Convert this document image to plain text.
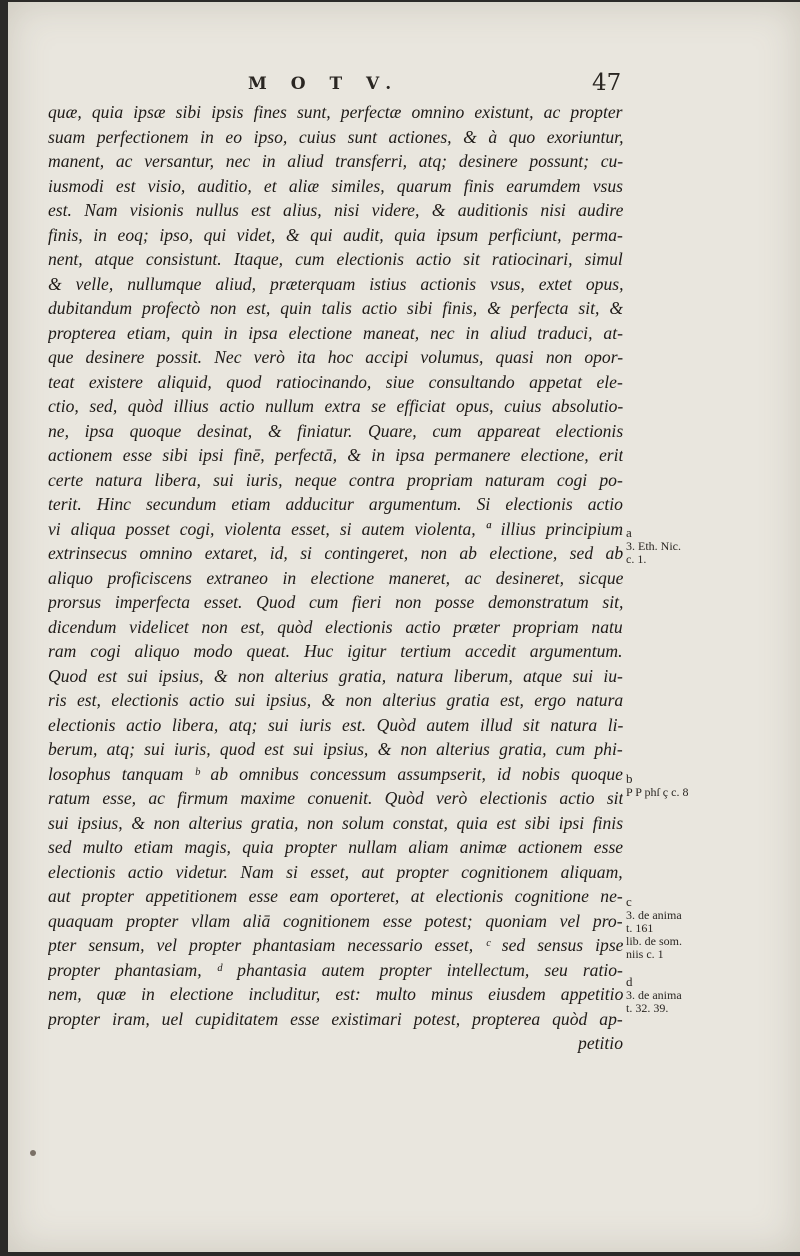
M O T V.	47
quæ, quia ipsæ sibi ipsis fines sunt, perfectæ omnino existunt, ac propter
suam perfectionem in eo ipso, cuius sunt actiones, & à quo exoriuntur,
manent, ac versantur, nec in aliud transferri, atq; desinere possunt; cu-
iusmodi est visio, auditio, et aliæ similes, quarum finis earumdem vsus
est. Nam visionis nullus est alius, nisi videre, & auditionis nisi audire
finis, in eoq; ipso, qui videt, & qui audit, quia ipsum perficiunt, perma-
nent, atque consistunt. Itaque, cum electionis actio sit ratiocinari, simul
& velle, nullumque aliud, præterquam istius actionis vsus, extet opus,
dubitandum profectò non est, quin talis actio sibi finis, & perfecta sit, &
propterea etiam, quin in ipsa electione maneat, nec in aliud traduci, at-
que desinere possit. Nec verò ita hoc accipi volumus, quasi non opor-
teat existere aliquid, quod ratiocinando, siue consultando appetat ele-
ctio, sed, quòd illius actio nullum extra se efficiat opus, cuius absolutio-
ne, ipsa quoque desinat, & finiatur. Quare, cum appareat electionis
actionem esse sibi ipsi finē, perfectā, & in ipsa permanere electione, erit
certe natura libera, sui iuris, neque contra propriam naturam cogi po-
terit. Hinc secundum etiam adducitur argumentum. Si electionis actio
vi aliqua posset cogi, violenta esset, si autem violenta, ª illius principium
extrinsecus omnino extaret, id, si contingeret, non ab electione, sed ab
aliquo proficiscens extraneo in electione maneret, ac desineret, sicque
prorsus imperfecta esset. Quod cum fieri non posse demonstratum sit,
dicendum videlicet non est, quòd electionis actio præter propriam natu
ram cogi aliquo modo queat. Huc igitur tertium accedit argumentum.
Quod est sui ipsius, & non alterius gratia, natura liberum, atque sui iu-
ris est, electionis actio sui ipsius, & non alterius gratia est, ergo natura
electionis actio libera, atq; sui iuris est. Quòd autem illud sit natura li-
berum, atq; sui iuris, quod est sui ipsius, & non alterius gratia, cum phi-
losophus tanquam ᵇ ab omnibus concessum assumpserit, id nobis quoque
ratum esse, ac firmum maxime conuenit. Quòd verò electionis actio sit
sui ipsius, & non alterius gratia, non solum constat, quia est sibi ipsi finis
sed multo etiam magis, quia propter nullam aliam animæ actionem esse
electionis actio videtur. Nam si esset, aut propter cognitionem aliquam,
aut propter appetitionem esse eam oporteret, at electionis cognitione ne-
quaquam propter vllam aliā cognitionem esse potest; quoniam vel pro-
pter sensum, vel propter phantasiam necessario esset, ᶜ sed sensus ipse
propter phantasiam, ᵈ phantasia autem propter intellectum, seu ratio-
nem, quæ in electione includitur, est: multo minus eiusdem appetitio
propter iram, uel cupiditatem esse existimari potest, propterea quòd ap-
petitio
a
3. Eth. Nic.
c. 1.
b
P P phſ ç c. 8
c
3. de anima
t. 161
lib. de som.
niis c. 1
d
3. de anima
t. 32. 39.
